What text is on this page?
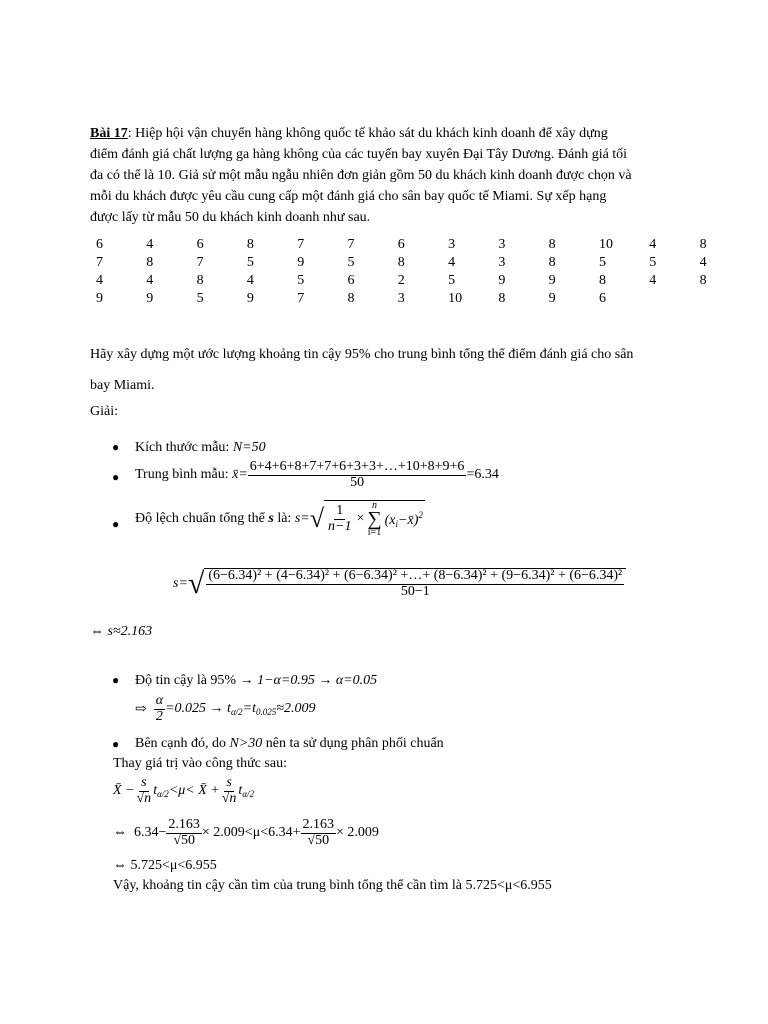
Bài 17: Hiệp hội vận chuyển hàng không quốc tế khảo sát du khách kinh doanh để xây dựng
điểm đánh giá chất lượng ga hàng không của các tuyến bay xuyên Đại Tây Dương. Đánh giá tối
đa có thể là 10. Giả sử một mẫu ngẫu nhiên đơn giản gồm 50 du khách kinh doanh được chọn và
mỗi du khách được yêu cầu cung cấp một đánh giá cho sân bay quốc tế Miami. Sự xếp hạng
được lấy từ mẫu 50 du khách kinh doanh như sau.
6	4	6	8	7	7	6	3	3	8	10	4	8
7	8	7	5	9	5	8	4	3	8	5	5	4
4	4	8	4	5	6	2	5	9	9	8	4	8
9	9	5	9	7	8	3	10	8	9	6		
Hãy xây dựng một ước lượng khoảng tin cậy 95% cho trung bình tổng thể điểm đánh giá cho sân
bay Miami.
Giải:
● Kích thước mẫu: N=50
● Trung bình mẫu:
x̄= $\frac{6+4+6+8+7+7+6+3+3+\dots+10+8+9+6}{50} =6.34$
● Độ lệch chuẩn tổng thể
s
là:
s= √ $\frac{1}{n-1}$ ×
n
∑
i=1
$(x_i-x̄)^2$
s= √ (6−6.34)² + (4−6.34)² + (6−6.34)² +…+ (8−6.34)² + (9−6.34)² + (6−6.34)²
50−1
⇔ s≈2.163
● Độ tin cậy là 95% → 1−α=0.95 → α=0.05
⇨
$\frac{\alpha}{2} =0.025 \to t_{\alpha/2}=t_{0.025}\approx 2.009$
● Bên cạnh đó, do N>30 nên ta sử dụng phân phối chuẩn
Thay giá trị vào công thức sau:
X̄ − $\frac{s}{√n} t_{\alpha/2} <\mu<$ X̄ + $\frac{s}{√n} t_{\alpha/2}$
⇔
$6.34- \frac{2.163}{√50} \times 2.009<\mu<6.34+ \frac{2.163}{√50} \times 2.009$
⇔ 5.725<μ<6.955
Vậy, khoảng tin cậy cần tìm của trung bình tổng thể cần tìm là 5.725<μ<6.955
